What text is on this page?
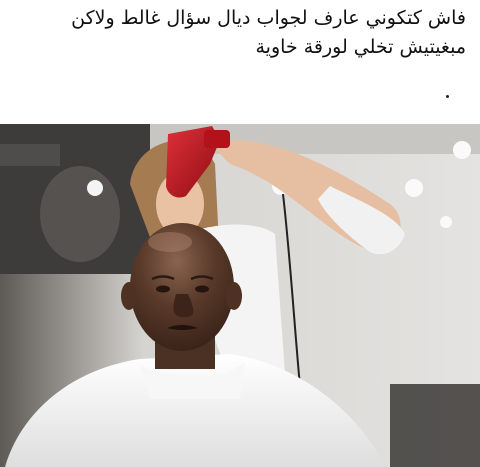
فاش كتكوني عارف لجواب ديال سؤال غالط ولاكن مبغيتيش تخلي لورقة خاوية
